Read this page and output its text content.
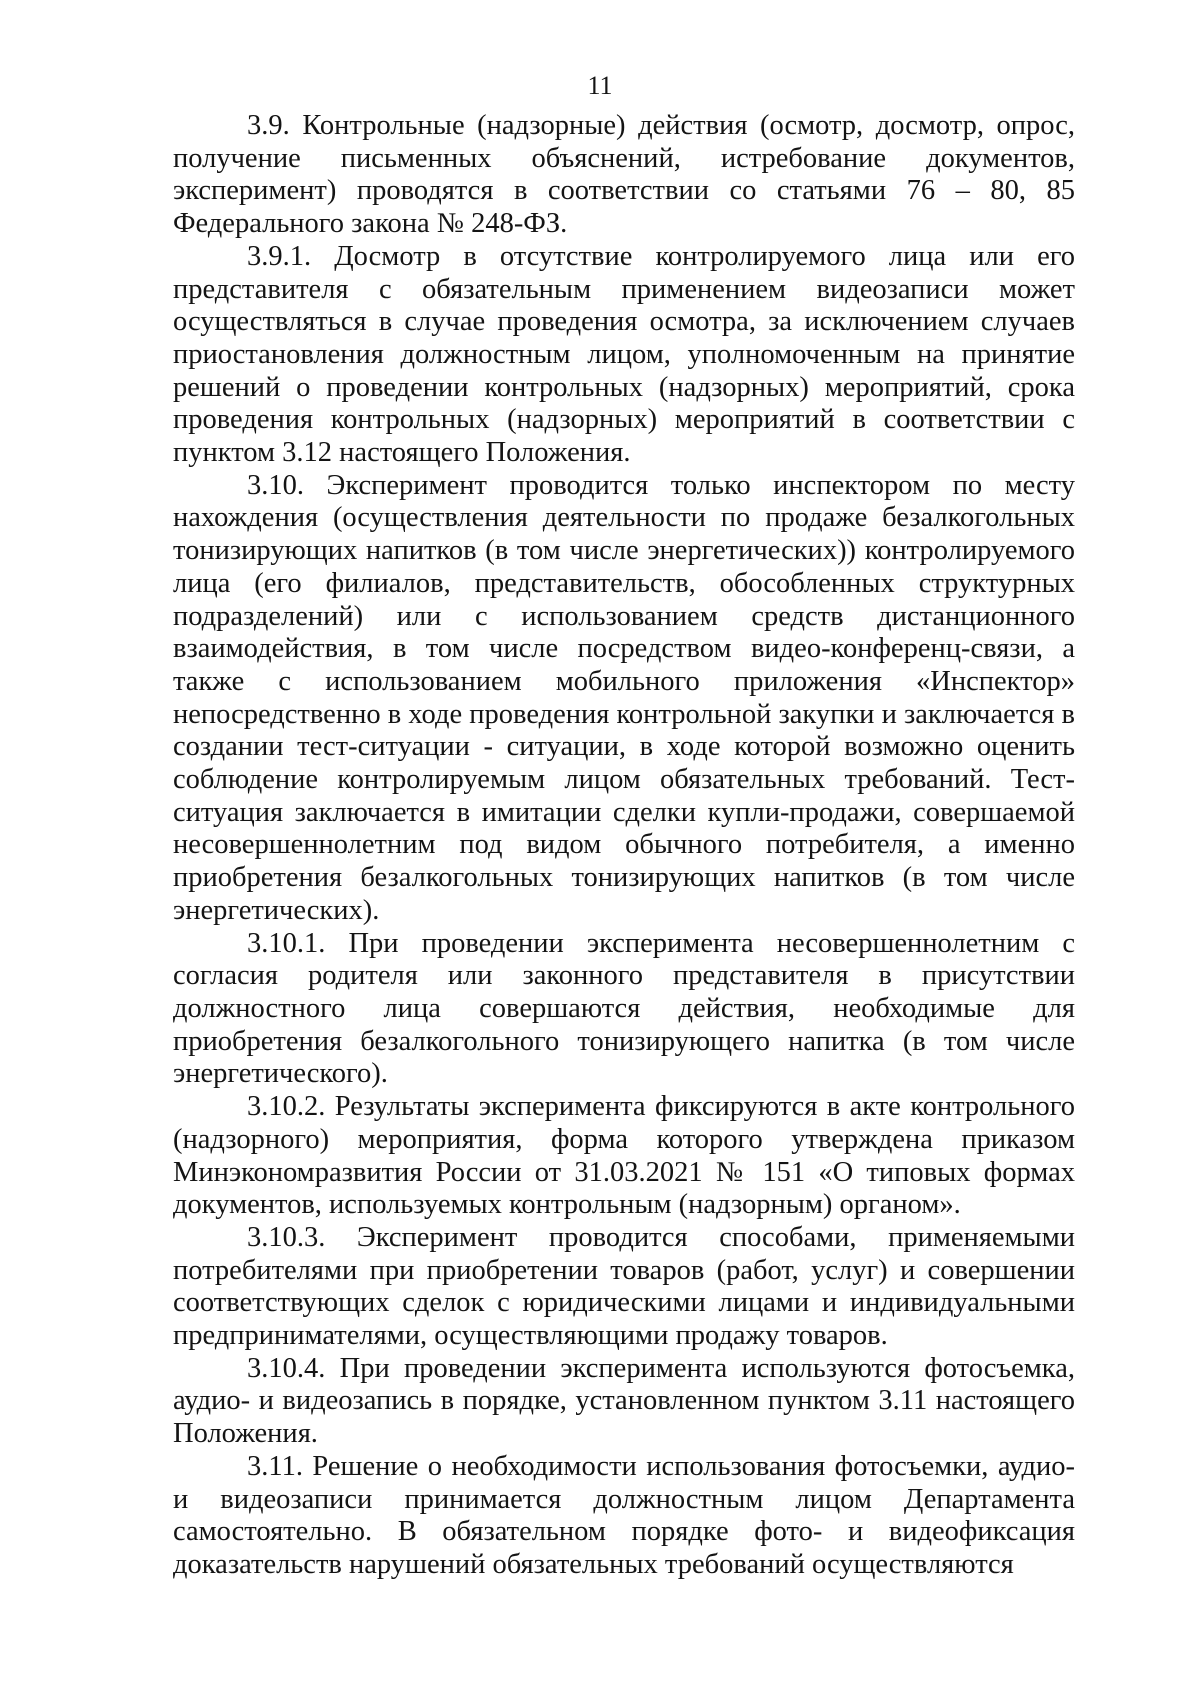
11

3.9. Контрольные (надзорные) действия (осмотр, досмотр, опрос, получение письменных объяснений, истребование документов, эксперимент) проводятся в соответствии со статьями 76 – 80, 85 Федерального закона № 248-ФЗ.

3.9.1. Досмотр в отсутствие контролируемого лица или его представителя с обязательным применением видеозаписи может осуществляться в случае проведения осмотра, за исключением случаев приостановления должностным лицом, уполномоченным на принятие решений о проведении контрольных (надзорных) мероприятий, срока проведения контрольных (надзорных) мероприятий в соответствии с пунктом 3.12 настоящего Положения.

3.10. Эксперимент проводится только инспектором по месту нахождения (осуществления деятельности по продаже безалкогольных тонизирующих напитков (в том числе энергетических)) контролируемого лица (его филиалов, представительств, обособленных структурных подразделений) или с использованием средств дистанционного взаимодействия, в том числе посредством видео-конференц-связи, а также с использованием мобильного приложения «Инспектор» непосредственно в ходе проведения контрольной закупки и заключается в создании тест-ситуации - ситуации, в ходе которой возможно оценить соблюдение контролируемым лицом обязательных требований. Тест-ситуация заключается в имитации сделки купли-продажи, совершаемой несовершеннолетним под видом обычного потребителя, а именно приобретения безалкогольных тонизирующих напитков (в том числе энергетических).

3.10.1. При проведении эксперимента несовершеннолетним с согласия родителя или законного представителя в присутствии должностного лица совершаются действия, необходимые для приобретения безалкогольного тонизирующего напитка (в том числе энергетического).

3.10.2. Результаты эксперимента фиксируются в акте контрольного (надзорного) мероприятия, форма которого утверждена приказом Минэкономразвития России от 31.03.2021 № 151 «О типовых формах документов, используемых контрольным (надзорным) органом».

3.10.3. Эксперимент проводится способами, применяемыми потребителями при приобретении товаров (работ, услуг) и совершении соответствующих сделок с юридическими лицами и индивидуальными предпринимателями, осуществляющими продажу товаров.

3.10.4. При проведении эксперимента используются фотосъемка, аудио- и видеозапись в порядке, установленном пунктом 3.11 настоящего Положения.

3.11. Решение о необходимости использования фотосъемки, аудио- и видеозаписи принимается должностным лицом Департамента самостоятельно. В обязательном порядке фото- и видеофиксация доказательств нарушений обязательных требований осуществляются
